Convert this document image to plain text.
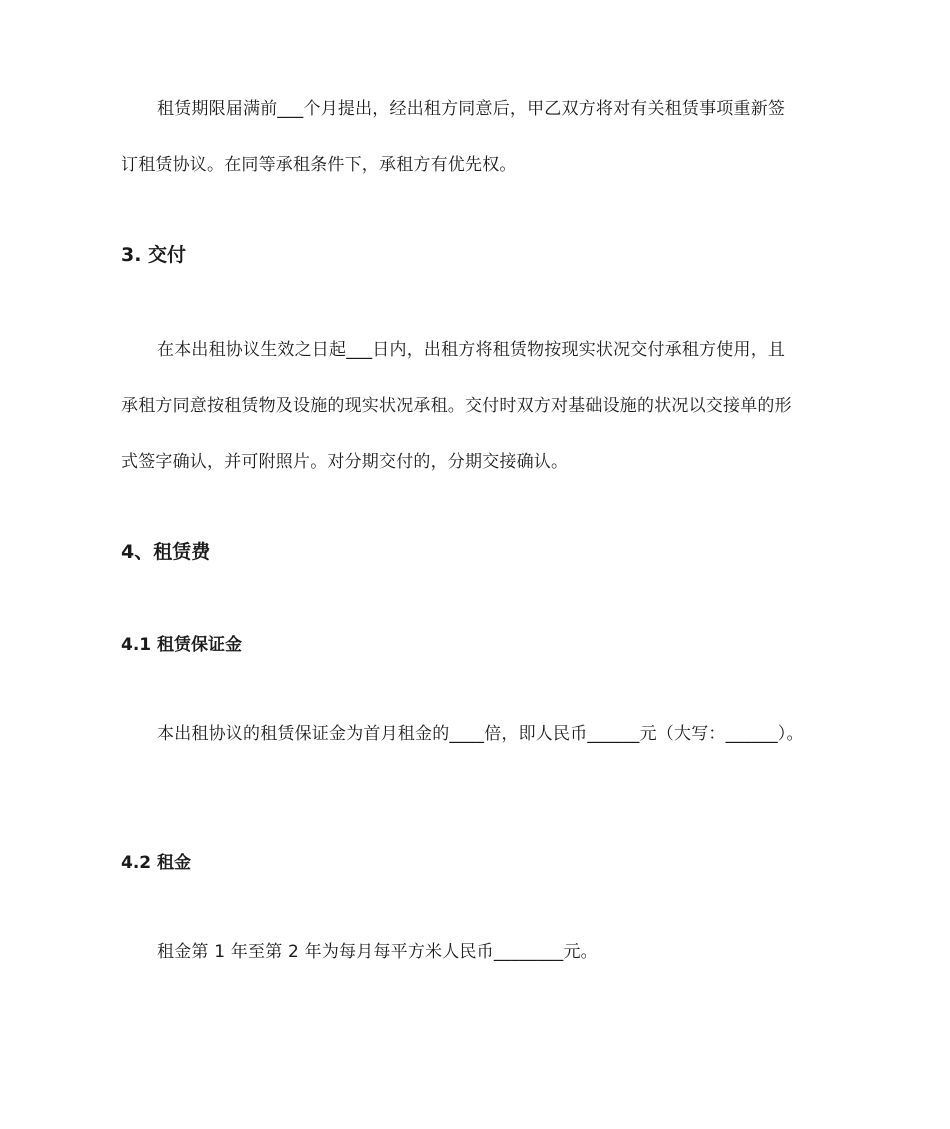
租赁期限届满前___个月提出，经出租方同意后，甲乙双方将对有关租赁事项重新签
订租赁协议。在同等承租条件下，承租方有优先权。
3. 交付
在本出租协议生效之日起___日内，出租方将租赁物按现实状况交付承租方使用，且
承租方同意按租赁物及设施的现实状况承租。交付时双方对基础设施的状况以交接单的形
式签字确认，并可附照片。对分期交付的，分期交接确认。
4、租赁费
4.1 租赁保证金
本出租协议的租赁保证金为首月租金的____倍，即人民币______元（大写：______）。
4.2 租金
租金第 1 年至第 2 年为每月每平方米人民币________元。
